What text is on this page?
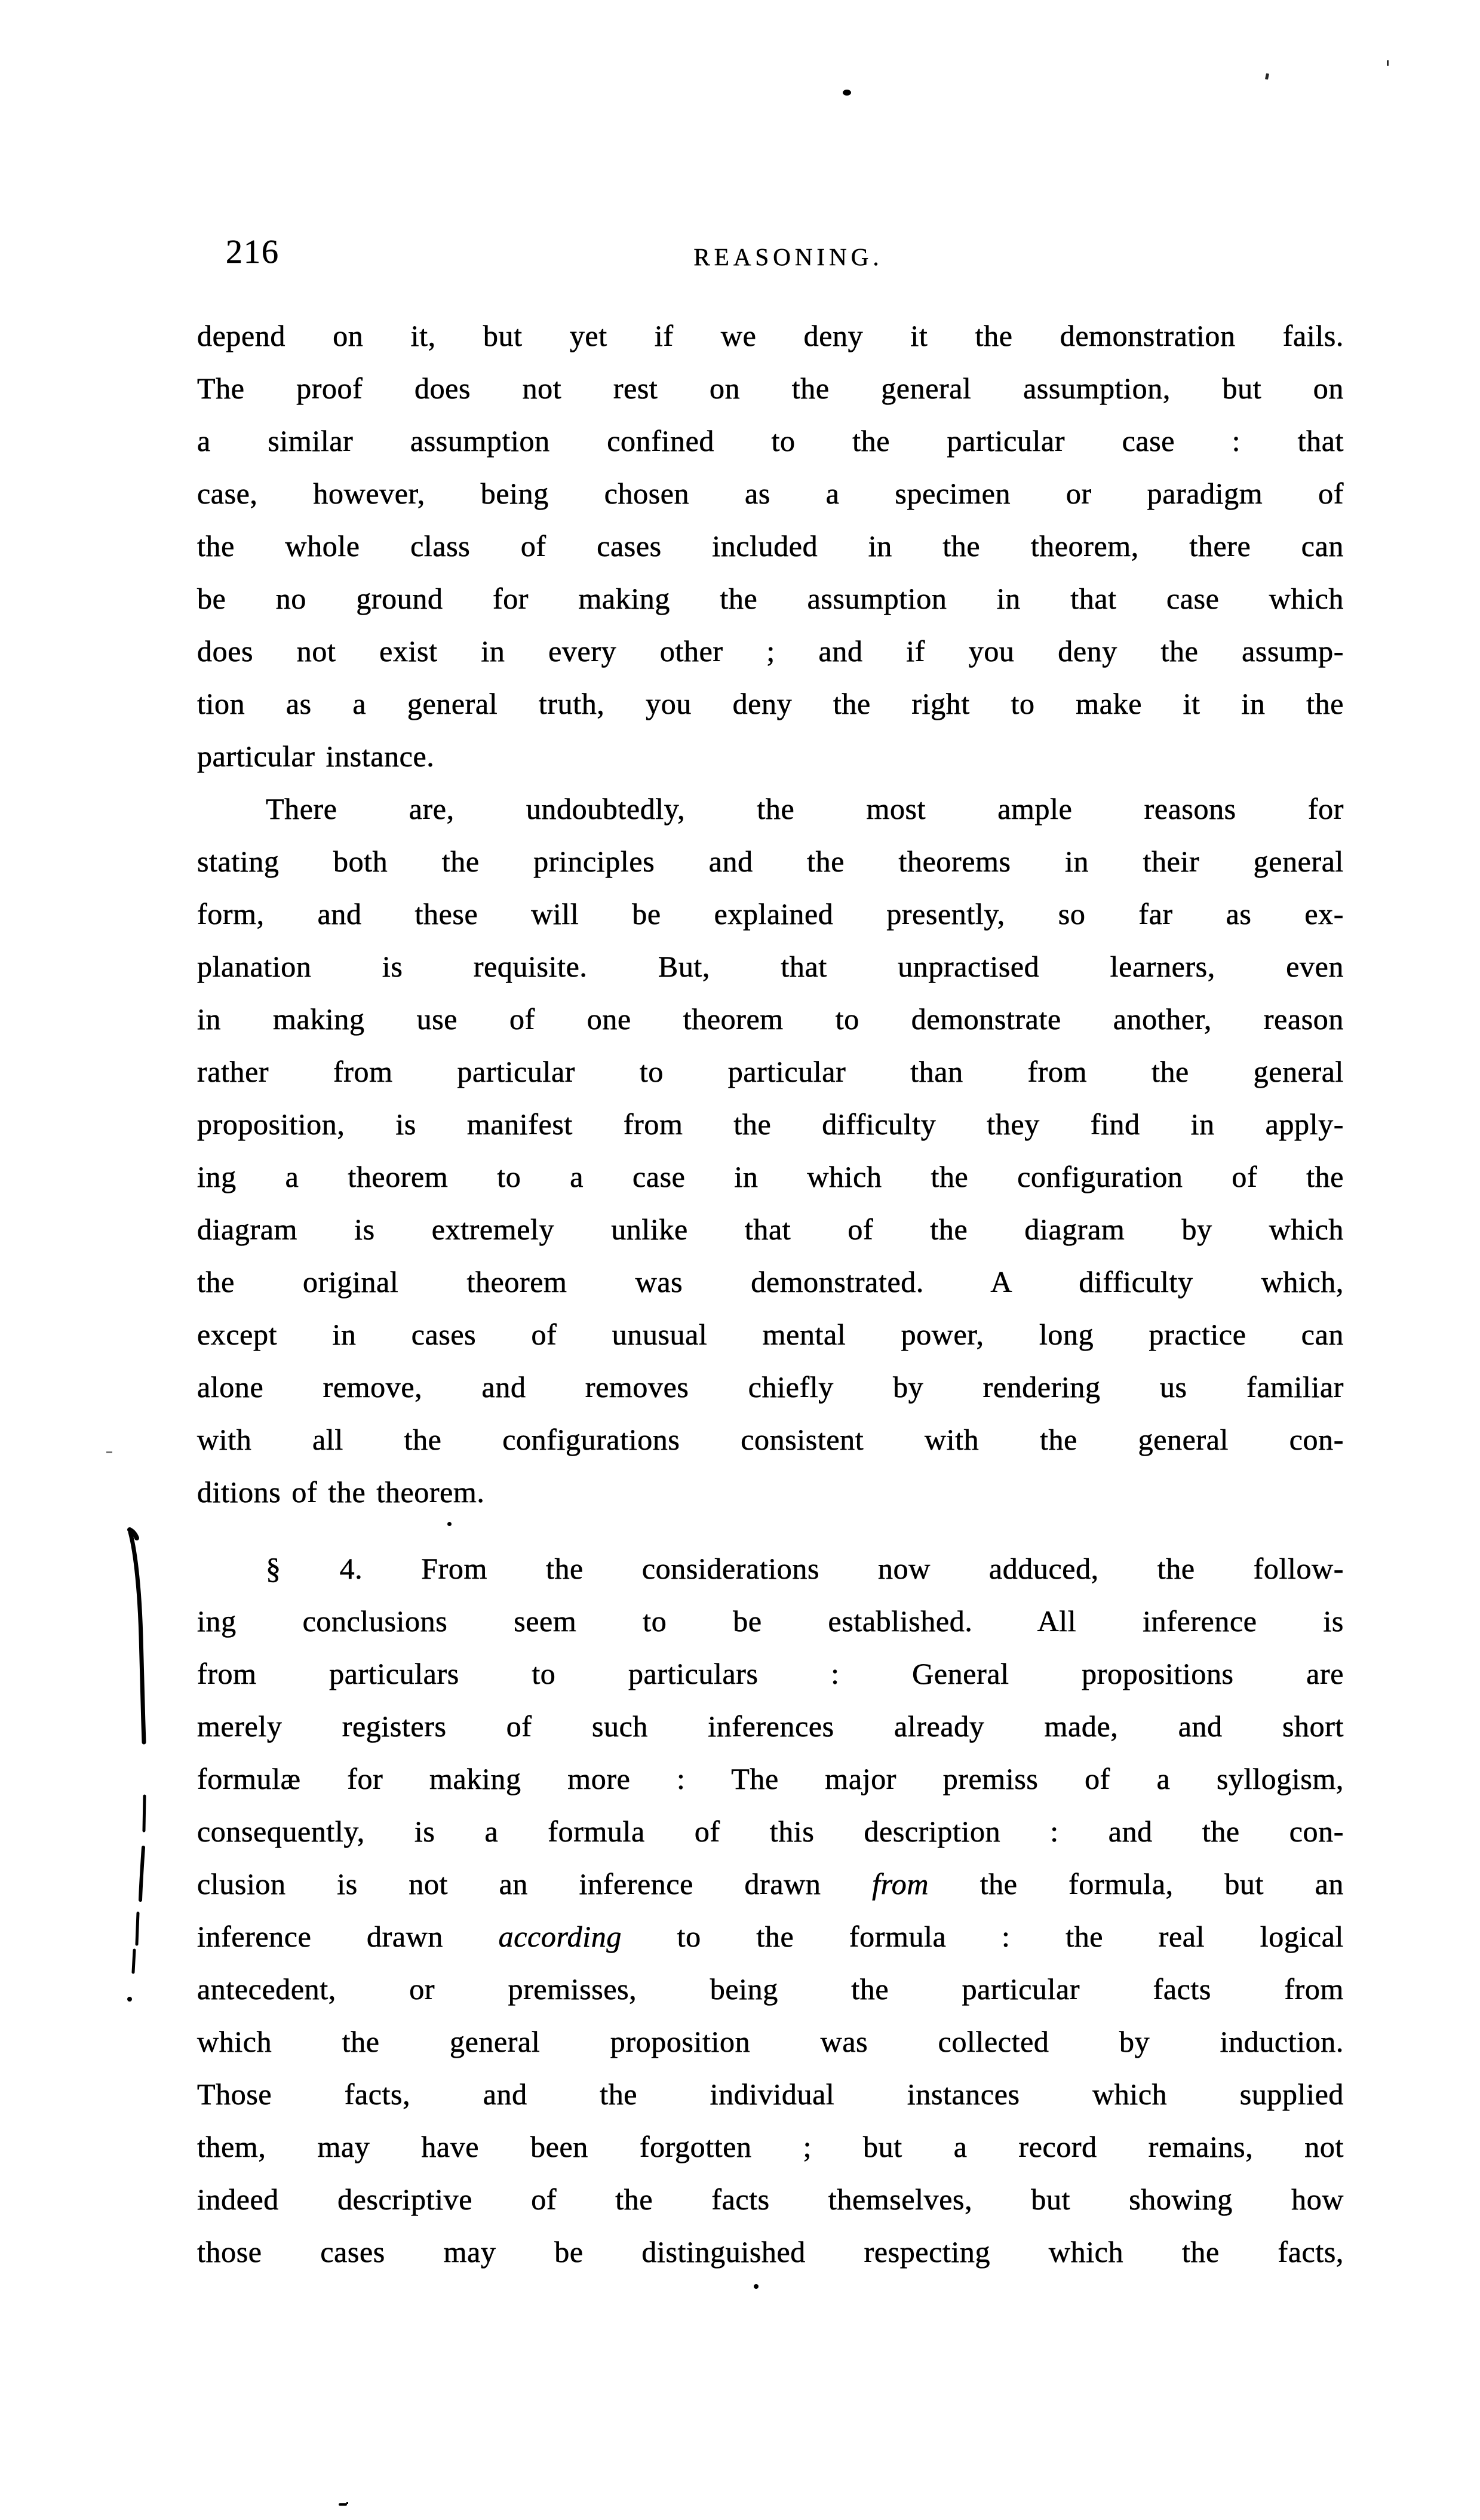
216	REASONING.
depend on it, but yet if we deny it the demonstration fails.
The proof does not rest on the general assumption, but on
a similar assumption confined to the particular case : that
case, however, being chosen as a specimen or paradigm of
the whole class of cases included in the theorem, there can
be no ground for making the assumption in that case which
does not exist in every other ; and if you deny the assump-
tion as a general truth, you deny the right to make it in the
particular instance.
There are, undoubtedly, the most ample reasons for
stating both the principles and the theorems in their general
form, and these will be explained presently, so far as ex-
planation is requisite. But, that unpractised learners, even
in making use of one theorem to demonstrate another, reason
rather from particular to particular than from the general
proposition, is manifest from the difficulty they find in apply-
ing a theorem to a case in which the configuration of the
diagram is extremely unlike that of the diagram by which
the original theorem was demonstrated. A difficulty which,
except in cases of unusual mental power, long practice can
alone remove, and removes chiefly by rendering us familiar
with all the configurations consistent with the general con-
ditions of the theorem.
§ 4. From the considerations now adduced, the follow-
ing conclusions seem to be established. All inference is
from particulars to particulars : General propositions are
merely registers of such inferences already made, and short
formulæ for making more : The major premiss of a syllogism,
consequently, is a formula of this description : and the con-
clusion is not an inference drawn from the formula, but an
inference drawn according to the formula : the real logical
antecedent, or premisses, being the particular facts from
which the general proposition was collected by induction.
Those facts, and the individual instances which supplied
them, may have been forgotten ; but a record remains, not
indeed descriptive of the facts themselves, but showing how
those cases may be distinguished respecting which the facts,
